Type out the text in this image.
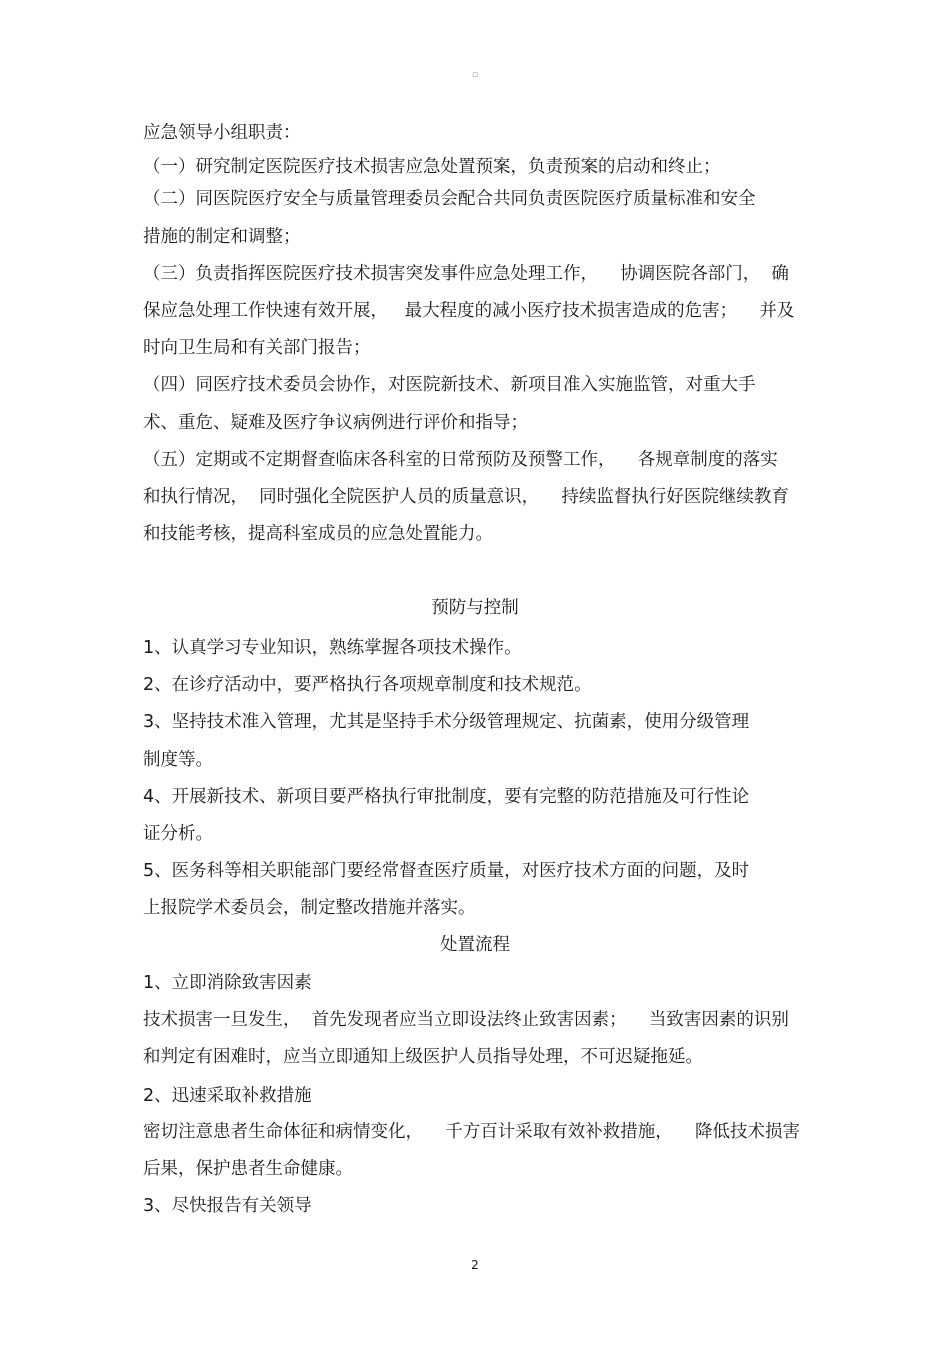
▫
应急领导小组职责：
（一）研究制定医院医疗技术损害应急处置预案，负责预案的启动和终止；
（二）同医院医疗安全与质量管理委员会配合共同负责医院医疗质量标准和安全
措施的制定和调整；
（三）负责指挥医院医疗技术损害突发事件应急处理工作，    协调医院各部门，  确
保应急处理工作快速有效开展，   最大程度的减小医疗技术损害造成的危害；    并及
时向卫生局和有关部门报告；
（四）同医疗技术委员会协作，对医院新技术、新项目准入实施监管，对重大手
术、重危、疑难及医疗争议病例进行评价和指导；
（五）定期或不定期督查临床各科室的日常预防及预警工作，    各规章制度的落实
和执行情况，  同时强化全院医护人员的质量意识，    持续监督执行好医院继续教育
和技能考核，提高科室成员的应急处置能力。
预防与控制
1、认真学习专业知识，熟练掌握各项技术操作。
2、在诊疗活动中，要严格执行各项规章制度和技术规范。
3、坚持技术准入管理，尤其是坚持手术分级管理规定、抗菌素，使用分级管理
制度等。
4、开展新技术、新项目要严格执行审批制度，要有完整的防范措施及可行性论
证分析。
5、医务科等相关职能部门要经常督查医疗质量，对医疗技术方面的问题，及时
上报院学术委员会，制定整改措施并落实。
处置流程
1、立即消除致害因素
技术损害一旦发生，  首先发现者应当立即设法终止致害因素；    当致害因素的识别
和判定有困难时，应当立即通知上级医护人员指导处理，不可迟疑拖延。
2、迅速采取补救措施
密切注意患者生命体征和病情变化，    千方百计采取有效补救措施，    降低技术损害
后果，保护患者生命健康。
3、尽快报告有关领导
2
